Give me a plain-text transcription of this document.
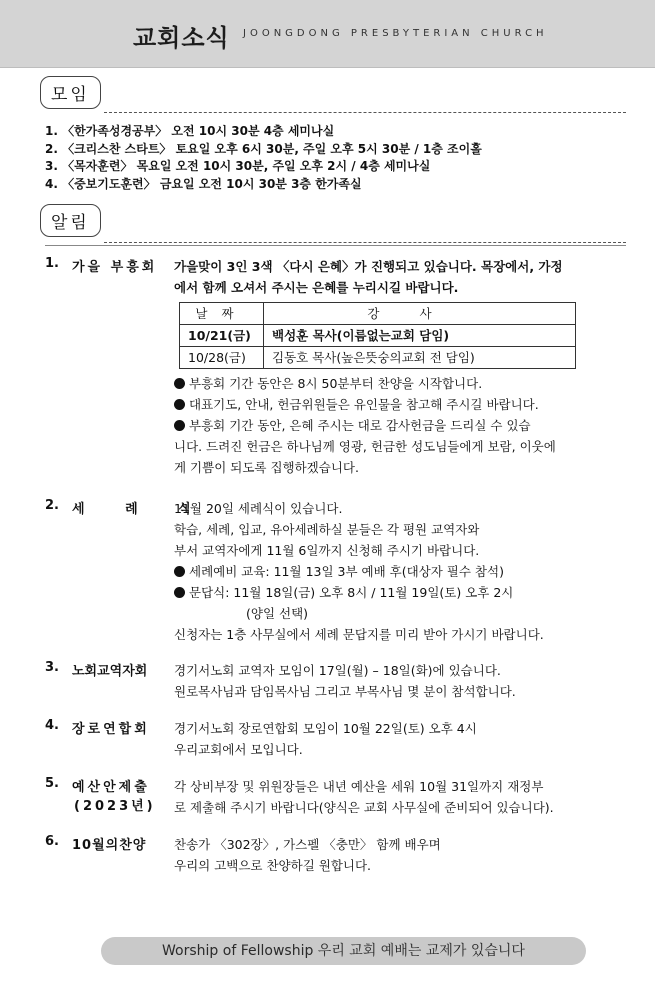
교회소식 JOONGDONG PRESBYTERIAN CHURCH
모임
1. 〈한가족성경공부〉 오전 10시 30분 4층 세미나실
2. 〈크리스찬 스타트〉 토요일 오후 6시 30분, 주일 오후 5시 30분 / 1층 조이홀
3. 〈목자훈련〉 목요일 오전 10시 30분, 주일 오후 2시 / 4층 세미나실
4. 〈중보기도훈련〉 금요일 오전 10시 30분 3층 한가족실
알림
1. 가을 부흥회 가을맞이 3인 3색 〈다시 은혜〉가 진행되고 있습니다. 목장에서, 가정

에서 함께 오셔서 주시는 은혜를 누리시길 바랍니다.

날짜	강사
10/21(금)	백성훈 목사(이름없는교회 담임)
10/28(금)	김동호 목사(높은뜻숭의교회 전 담임)

부흥회 기간 동안은 8시 50분부터 찬양을 시작합니다.

대표기도, 안내, 헌금위원들은 유인물을 참고해 주시길 바랍니다.

부흥회 기간 동안, 은혜 주시는 대로 감사헌금을 드리실 수 있습

니다. 드려진 헌금은 하나님께 영광, 헌금한 성도님들에게 보람, 이웃에

게 기쁨이 되도록 집행하겠습니다.

2. 세 례 식

11월 20일 세례식이 있습니다.

학습, 세례, 입교, 유아세례하실 분들은 각 평원 교역자와

부서 교역자에게 11월 6일까지 신청해 주시기 바랍니다.

세례예비 교육: 11월 13일 3부 예배 후(대상자 필수 참석)

문답식: 11월 18일(금) 오후 8시 / 11월 19일(토) 오후 2시

(양일 선택)

신청자는 1층 사무실에서 세례 문답지를 미리 받아 가시기 바랍니다.

3. 노회교역자회 경기서노회 교역자 모임이 17일(월) – 18일(화)에 있습니다.

원로목사님과 담임목사님 그리고 부목사님 몇 분이 참석합니다.

4. 장로연합회 경기서노회 장로연합회 모임이 10월 22일(토) 오후 4시

우리교회에서 모입니다.

5. 예산안제출
(2023년)

각 상비부장 및 위원장들은 내년 예산을 세워 10월 31일까지 재정부

로 제출해 주시기 바랍니다(양식은 교회 사무실에 준비되어 있습니다).

6. 10월의찬양 찬송가 〈302장〉, 가스펠 〈충만〉 함께 배우며

우리의 고백으로 찬양하길 원합니다.

Worship of Fellowship 우리 교회 예배는 교제가 있습니다
